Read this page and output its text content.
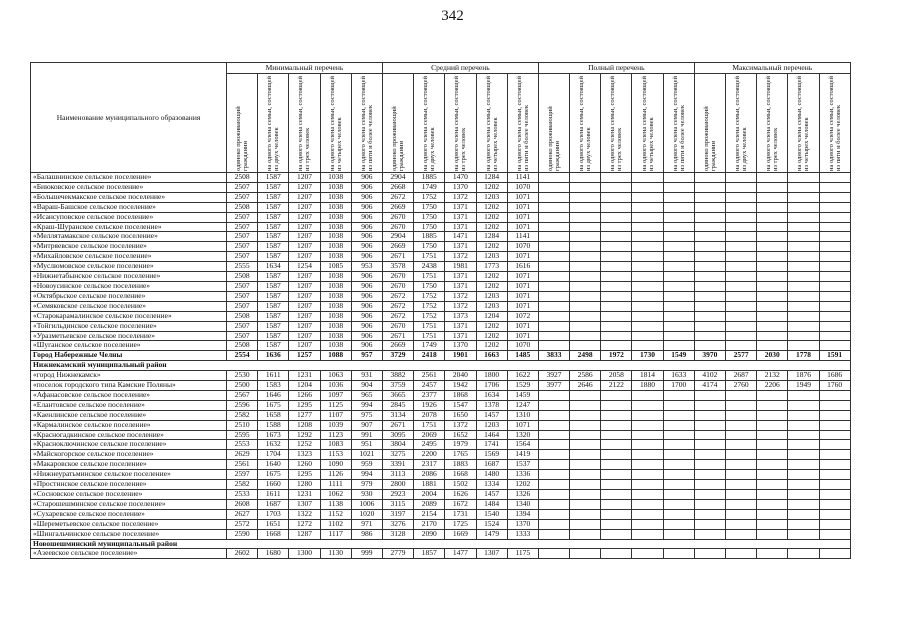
342
Наименование муниципального образования	Минимальный перечень					Средний перечень					Полный перечень					Максимальный перечень				

	одиноко проживающий гражданин	на одного члена семьи, состоящей из двух человек	на одного члена семьи, состоящей из трех человек	на одного члена семьи, состоящей из четырех человек	на одного члена семьи, состоящей из пяти и более человек	одиноко проживающий гражданин	на одного члена семьи, состоящей из двух человек	на одного члена семьи, состоящей из трех человек	на одного члена семьи, состоящей из четырех человек	на одного члена семьи, состоящей из пяти и более человек	одиноко проживающий гражданин	на одного члена семьи, состоящей из двух человек	на одного члена семьи, состоящей из трех человек	на одного члена семьи, состоящей из четырех человек	на одного члена семьи, состоящей из пяти и более человек	одиноко проживающий гражданин	на одного члена семьи, состоящей из двух человек	на одного члена семьи, состоящей из трех человек	на одного члена семьи, состоящей из четырех человек	на одного члена семьи, состоящей из пяти и более человек

«Балашнинское сельское поселение»	2508	1587	1207	1038	906	2904	1885	1470	1284	1141										
«Биюковское сельское поселение»	2507	1587	1207	1038	906	2668	1749	1370	1202	1070										
«Большечекмакское сельское поселение»	2507	1587	1207	1038	906	2672	1752	1372	1203	1071										
«Вараш-Башское сельское поселение»	2508	1587	1207	1038	906	2669	1750	1371	1202	1071										
«Исансуповское сельское поселение»	2507	1587	1207	1038	906	2670	1750	1371	1202	1071										
«Краш-Шуранское сельское поселение»	2507	1587	1207	1038	906	2670	1750	1371	1202	1071										
«Меллятамакское сельское поселение»	2507	1587	1207	1038	906	2904	1885	1471	1284	1141										
«Митряевское сельское поселение»	2507	1587	1207	1038	906	2669	1750	1371	1202	1070										
«Михайловское сельское поселение»	2507	1587	1207	1038	906	2671	1751	1372	1203	1071										
«Муслюмовское сельское поселение»	2555	1634	1254	1085	953	3578	2438	1981	1773	1616										
«Нижнетабынское сельское поселение»	2508	1587	1207	1038	906	2670	1751	1371	1202	1071										
«Новоусинское сельское поселение»	2507	1587	1207	1038	906	2670	1750	1371	1202	1071										
«Октябрьское сельское поселение»	2507	1587	1207	1038	906	2672	1752	1372	1203	1071										
«Семяковское сельское поселение»	2507	1587	1207	1038	906	2672	1752	1372	1203	1071										
«Старокарамалинское сельское поселение»	2508	1587	1207	1038	906	2672	1752	1373	1204	1072										
«Тойгильдинское сельское поселение»	2507	1587	1207	1038	906	2670	1751	1371	1202	1071										
«Уразметьевское сельское поселение»	2507	1587	1207	1038	906	2671	1751	1371	1202	1071										
«Шуганское сельское поселение»	2508	1587	1207	1038	906	2669	1749	1370	1202	1070										
Город Набережные Челны	2554	1636	1257	1088	957	3729	2418	1901	1663	1485	3833	2498	1972	1730	1549	3970	2577	2030	1778	1591
Нижнекамский муниципальный район																				
«город Нижнекамск»	2530	1611	1231	1063	931	3882	2561	2040	1800	1622	3927	2586	2058	1814	1633	4102	2687	2132	1876	1686
«поселок городского типа Камские Поляны»	2500	1583	1204	1036	904	3759	2457	1942	1706	1529	3977	2646	2122	1880	1700	4174	2760	2206	1949	1760
«Афанасовское сельское поселение»	2567	1646	1266	1097	965	3665	2377	1868	1634	1459										
«Елантовское сельское поселение»	2596	1675	1295	1125	994	2845	1926	1547	1378	1247										
«Каенлинское сельское поселение»	2582	1658	1277	1107	975	3134	2078	1650	1457	1310										
«Кармалинское сельское поселение»	2510	1588	1208	1039	907	2671	1751	1372	1203	1071										
«Красногадкинское сельское поселение»	2595	1673	1292	1123	991	3095	2069	1652	1464	1320										
«Красноключинское сельское поселение»	2553	1632	1252	1083	951	3804	2495	1979	1741	1564										
«Майскогорское сельское поселение»	2629	1704	1323	1153	1021	3275	2200	1765	1569	1419										
«Макаровское сельское поселение»	2561	1640	1260	1090	959	3391	2317	1883	1687	1537										
«Нижнеуратьминское сельское поселение»	2597	1675	1295	1126	994	3113	2086	1668	1480	1336										
«Простинское сельское поселение»	2582	1660	1280	1111	979	2800	1881	1502	1334	1202										
«Сосновское сельское поселение»	2533	1611	1231	1062	930	2923	2004	1626	1457	1326										
«Старошешминское сельское поселение»	2608	1687	1307	1138	1006	3115	2089	1672	1484	1340										
«Сухаревское сельское поселение»	2627	1703	1322	1152	1020	3197	2154	1731	1540	1394										
«Шереметьевское сельское поселение»	2572	1651	1272	1102	971	3276	2170	1725	1524	1370										
«Шингальчинское сельское поселение»	2590	1668	1287	1117	986	3128	2090	1669	1479	1333										
Новошешминский муниципальный район																				
«Азеевское сельское поселение»	2602	1680	1300	1130	999	2779	1857	1477	1307	1175										
